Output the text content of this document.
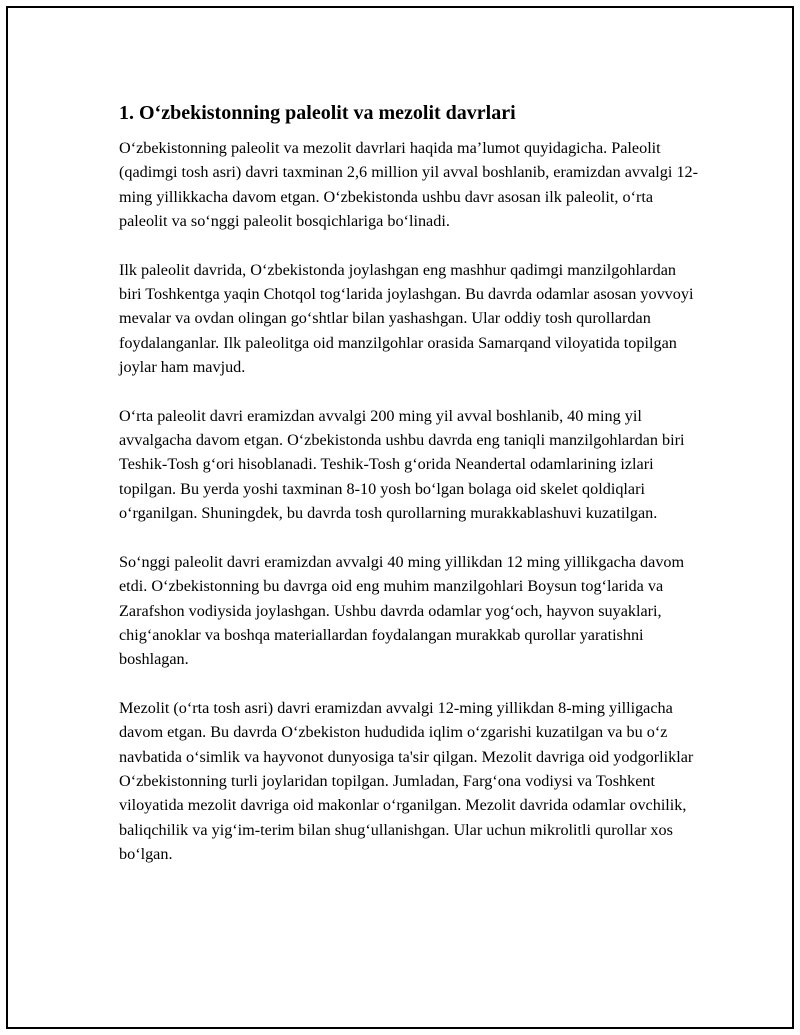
1. Oʻzbekistonning paleolit va mezolit davrlari

Oʻzbekistonning paleolit va mezolit davrlari haqida maʼlumot quyidagicha. Paleolit (qadimgi tosh asri) davri taxminan 2,6 million yil avval boshlanib, eramizdan avvalgi 12-ming yillikkacha davom etgan. Oʻzbekistonda ushbu davr asosan ilk paleolit, oʻrta paleolit va soʻnggi paleolit bosqichlariga boʻlinadi.

Ilk paleolit davrida, Oʻzbekistonda joylashgan eng mashhur qadimgi manzilgohlardan biri Toshkentga yaqin Chotqol togʻlarida joylashgan. Bu davrda odamlar asosan yovvoyi mevalar va ovdan olingan goʻshtlar bilan yashashgan. Ular oddiy tosh qurollardan foydalanganlar. Ilk paleolitga oid manzilgohlar orasida Samarqand viloyatida topilgan joylar ham mavjud.

Oʻrta paleolit davri eramizdan avvalgi 200 ming yil avval boshlanib, 40 ming yil avvalgacha davom etgan. Oʻzbekistonda ushbu davrda eng taniqli manzilgohlardan biri Teshik-Tosh gʻori hisoblanadi. Teshik-Tosh gʻorida Neandertal odamlarining izlari topilgan. Bu yerda yoshi taxminan 8-10 yosh boʻlgan bolaga oid skelet qoldiqlari oʻrganilgan. Shuningdek, bu davrda tosh qurollarning murakkablashuvi kuzatilgan.

Soʻnggi paleolit davri eramizdan avvalgi 40 ming yillikdan 12 ming yillikgacha davom etdi. Oʻzbekistonning bu davrga oid eng muhim manzilgohlari Boysun togʻlarida va Zarafshon vodiysida joylashgan. Ushbu davrda odamlar yogʻoch, hayvon suyaklari, chigʻanoklar va boshqa materiallardan foydalangan murakkab qurollar yaratishni boshlagan.

Mezolit (oʻrta tosh asri) davri eramizdan avvalgi 12-ming yillikdan 8-ming yilligacha davom etgan. Bu davrda Oʻzbekiston hududida iqlim oʻzgarishi kuzatilgan va bu oʻz navbatida oʻsimlik va hayvonot dunyosiga ta'sir qilgan. Mezolit davriga oid yodgorliklar Oʻzbekistonning turli joylaridan topilgan. Jumladan, Fargʻona vodiysi va Toshkent viloyatida mezolit davriga oid makonlar oʻrganilgan. Mezolit davrida odamlar ovchilik, baliqchilik va yigʻim-terim bilan shugʻullanishgan. Ular uchun mikrolitli qurollar xos boʻlgan.
